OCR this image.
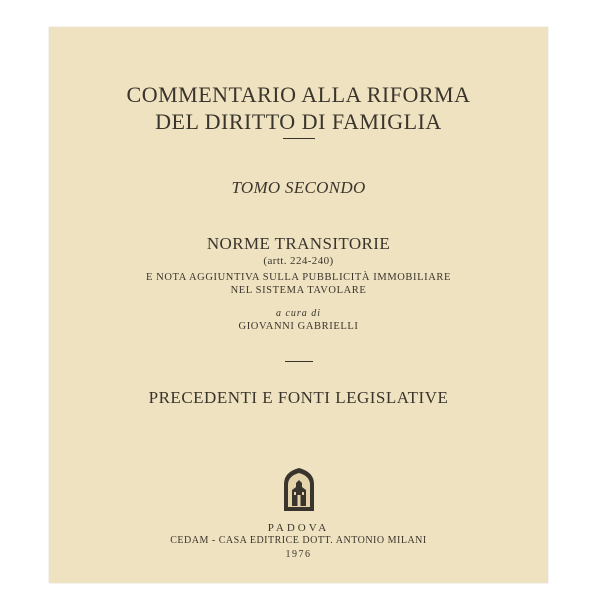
COMMENTARIO ALLA RIFORMA
DEL DIRITTO DI FAMIGLIA
TOMO SECONDO
NORME TRANSITORIE
(artt. 224-240)
E NOTA AGGIUNTIVA SULLA PUBBLICITÀ IMMOBILIARE
NEL SISTEMA TAVOLARE
a cura di
GIOVANNI GABRIELLI
PRECEDENTI E FONTI LEGISLATIVE
PADOVA
CEDAM - CASA EDITRICE DOTT. ANTONIO MILANI
1976
